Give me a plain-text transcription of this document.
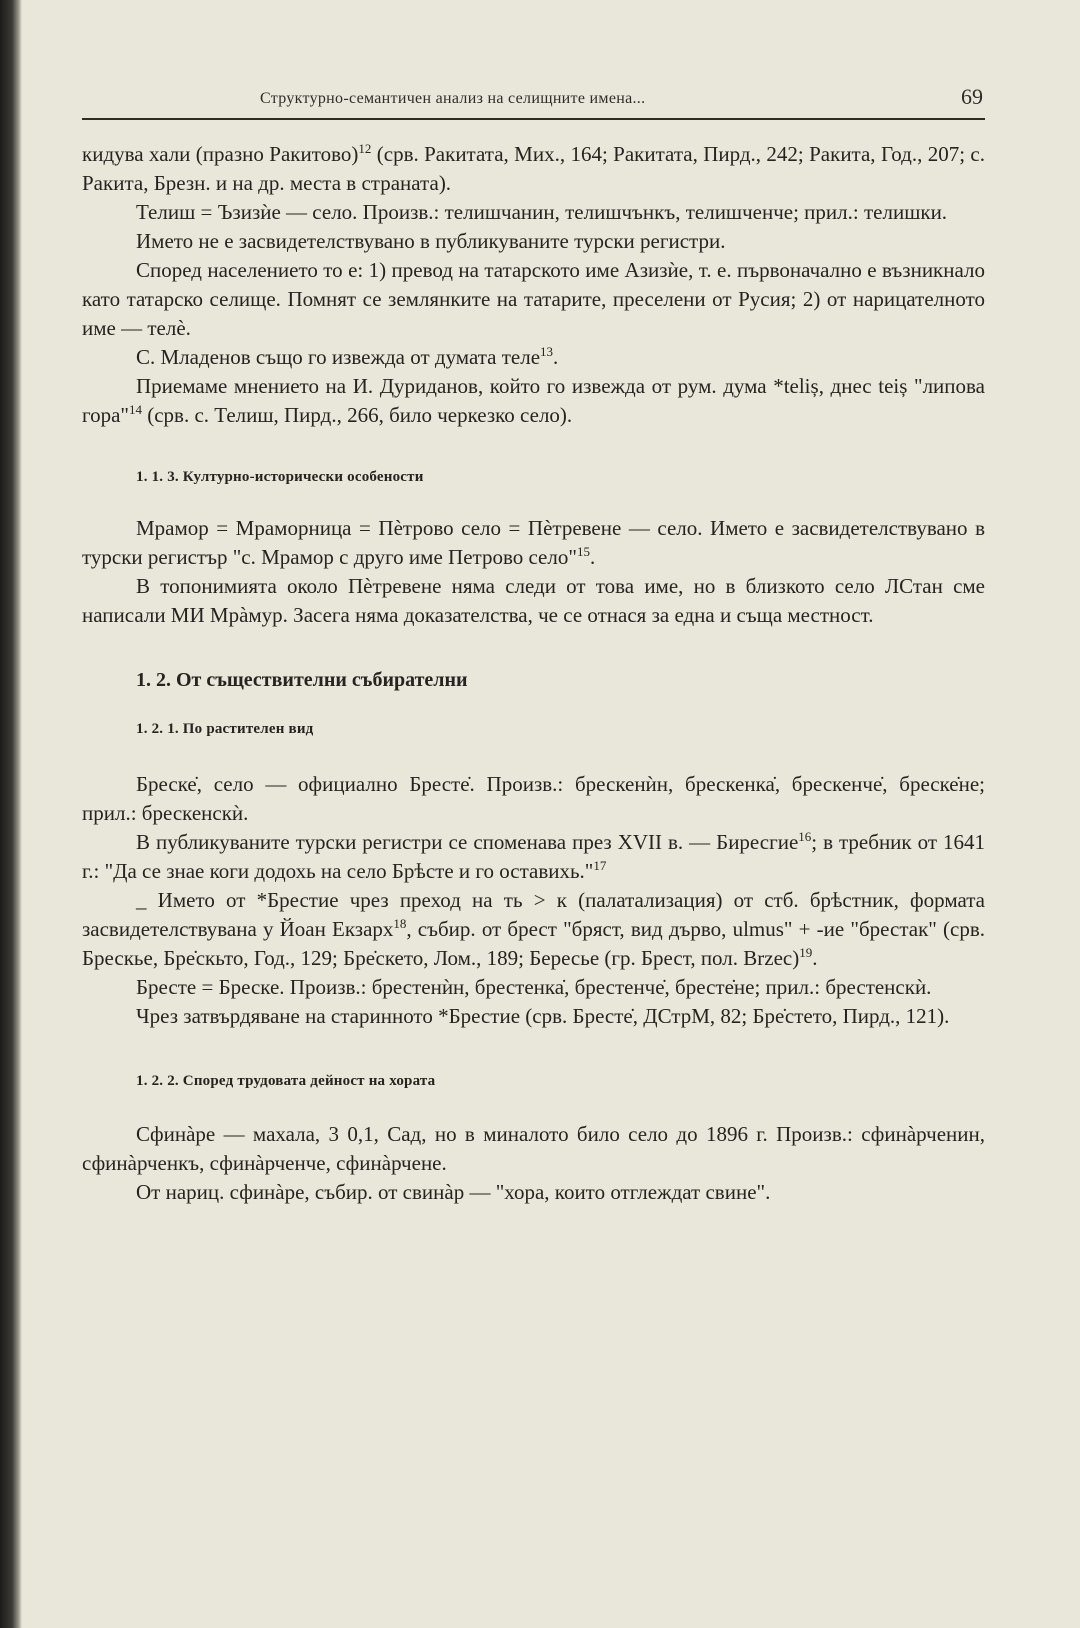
Структурно-семантичен анализ на селищните имена...	69

кидува хали (празно Ракитово)$^{12}$ (срв. Ракитата, Мих., 164; Ракитата, Пирд., 242; Ракита, Год., 207; с. Ракита, Брезн. и на др. места в страната).

Телиш = Ъзизѝе — село. Произв.: телишчанин, телишчънкъ, телишченче; прил.: телишки.

Името не е засвидетелствувано в публикуваните турски регистри.

Според населението то е: 1) превод на татарското име Азизѝе, т. е. първоначално е възникнало като татарско селище. Помнят се землянките на татарите, преселени от Русия; 2) от нарицателното име — телѐ.

С. Младенов също го извежда от думата теле$^{13}$.

Приемаме мнението на И. Дуриданов, който го извежда от рум. дума *teliș, днес teiș "липова гора"$^{14}$ (срв. с. Телиш, Пирд., 266, било черкезко село).

1. 1. 3. Културно-исторически особености

Мрамор = Мраморница = Пѐтрово село = Пѐтревене — село. Името е засвидетелствувано в турски регистър "с. Мрамор с друго име Петрово село"$^{15}$.

В топонимията около Пѐтревене няма следи от това име, но в близкото село ЛСтан сме написали МИ Мрàмур. Засега няма доказателства, че се отнася за една и съща местност.

1. 2. От съществителни събирателни
1. 2. 1. По растителен вид

Бреске̇, село — официално Бресте̇. Произв.: брескенѝн, брескенка̇, брескенче̇, бреске̇не; прил.: брескенскѝ.

В публикуваните турски регистри се споменава през XVII в. — Биресгие$^{16}$; в требник от 1641 г.: "Да се знае коги додохь на село Брѣсте и го оставихь."$^{17}$

_ Името от *Брестие чрез преход на ть > к (палатализация) от стб. брѣстник, формата засвидетелствувана у Йоан Екзарх$^{18}$, събир. от брест "бряст, вид дърво, ulmus" + -ие "брестак" (срв. Брескье, Бре̇скьто, Год., 129; Бре̇скето, Лом., 189; Бересье (гр. Брест, пол. Brzec)$^{19}$.

Бресте = Бреске. Произв.: брестенѝн, брестенка̇, брестенче̇, бресте̇не; прил.: брестенскѝ.

Чрез затвърдяване на старинното *Брестие (срв. Бресте̇, ДСтрМ, 82; Бре̇стето, Пирд., 121).

1. 2. 2. Според трудовата дейност на хората

Сфинàре — махала, 3 0,1, Сад, но в миналото било село до 1896 г. Произв.: сфинàрченин, сфинàрченкъ, сфинàрченче, сфинàрчене.

От нариц. сфинàре, събир. от свинàр — "хора, които отглеждат свине".
